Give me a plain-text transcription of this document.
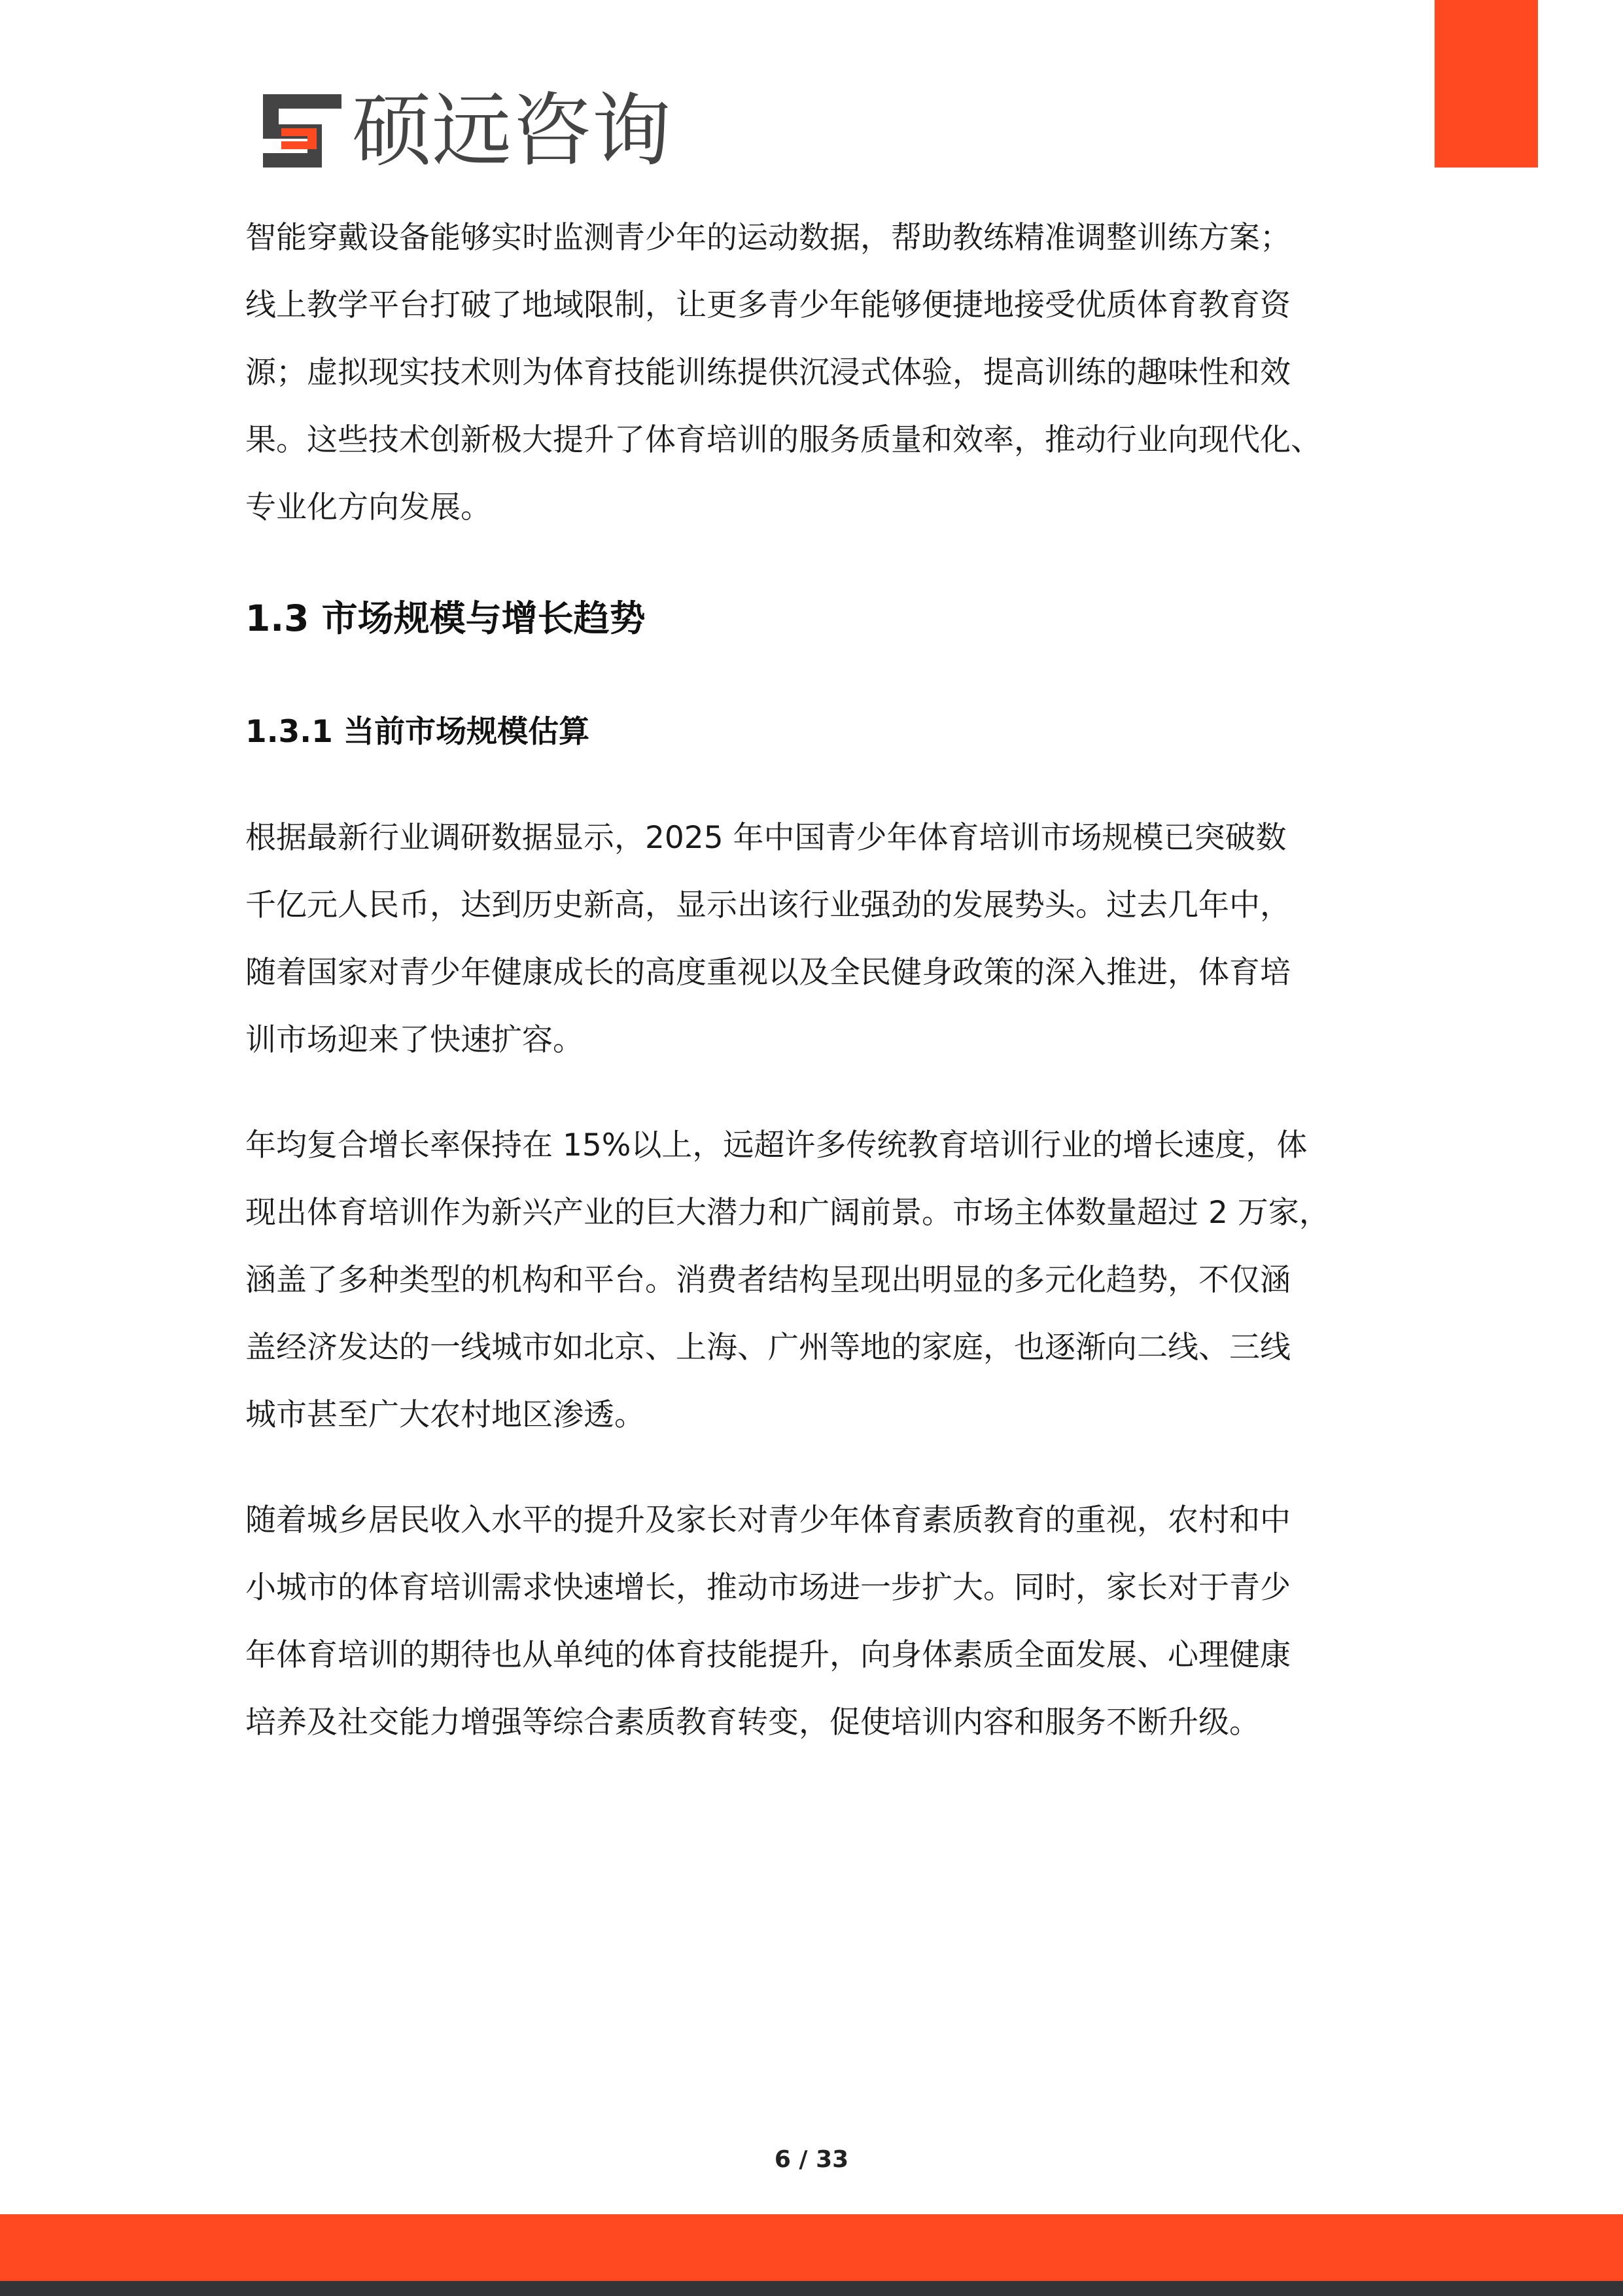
硕远咨询
智能穿戴设备能够实时监测青少年的运动数据，帮助教练精准调整训练方案；
线上教学平台打破了地域限制，让更多青少年能够便捷地接受优质体育教育资
源；虚拟现实技术则为体育技能训练提供沉浸式体验，提高训练的趣味性和效
果。这些技术创新极大提升了体育培训的服务质量和效率，推动行业向现代化、
专业化方向发展。
1.3 市场规模与增长趋势
1.3.1 当前市场规模估算
根据最新行业调研数据显示，2025 年中国青少年体育培训市场规模已突破数
千亿元人民币，达到历史新高，显示出该行业强劲的发展势头。过去几年中，
随着国家对青少年健康成长的高度重视以及全民健身政策的深入推进，体育培
训市场迎来了快速扩容。
年均复合增长率保持在 15%以上，远超许多传统教育培训行业的增长速度，体
现出体育培训作为新兴产业的巨大潜力和广阔前景。市场主体数量超过 2 万家，
涵盖了多种类型的机构和平台。消费者结构呈现出明显的多元化趋势，不仅涵
盖经济发达的一线城市如北京、上海、广州等地的家庭，也逐渐向二线、三线
城市甚至广大农村地区渗透。
随着城乡居民收入水平的提升及家长对青少年体育素质教育的重视，农村和中
小城市的体育培训需求快速增长，推动市场进一步扩大。同时，家长对于青少
年体育培训的期待也从单纯的体育技能提升，向身体素质全面发展、心理健康
培养及社交能力增强等综合素质教育转变，促使培训内容和服务不断升级。
6 / 33
